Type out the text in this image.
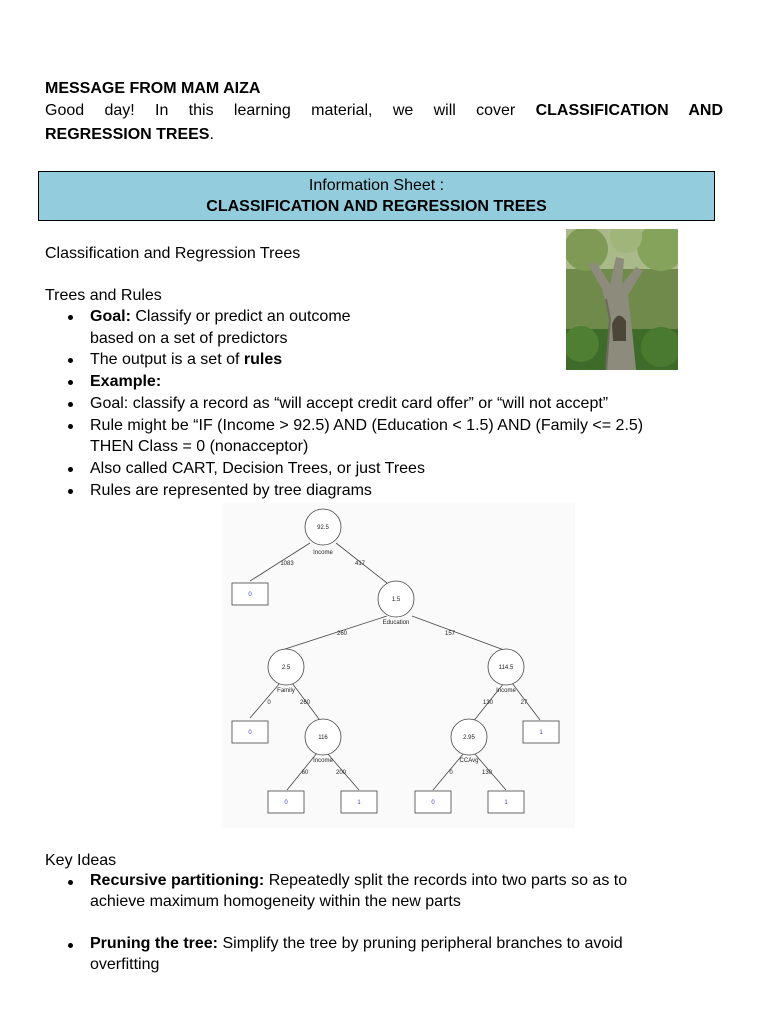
MESSAGE FROM MAM AIZA
Good day! In this learning material, we will cover CLASSIFICATION AND
REGRESSION TREES.
Information Sheet :
CLASSIFICATION AND REGRESSION TREES
Classification and Regression Trees
Trees and Rules
Goal: Classify or predict an outcome
based on a set of predictors
The output is a set of rules
Example:
Goal: classify a record as “will accept credit card offer” or “will not accept”
Rule might be “IF (Income > 92.5) AND (Education < 1.5) AND (Family <= 2.5)
THEN Class = 0 (nonacceptor)
Also called CART, Decision Trees, or just Trees
Rules are represented by tree diagrams
92.5
Income
1.5
Education
2.5
Family
114.5
Income
116
Income
2.95
CCAvg
1083	417
260	157
0	260	130	27
60	200	0	130
0
0	1
0	1	0	1
Key Ideas
Recursive partitioning: Repeatedly split the records into two parts so as to
achieve maximum homogeneity within the new parts
Pruning the tree: Simplify the tree by pruning peripheral branches to avoid
overfitting
